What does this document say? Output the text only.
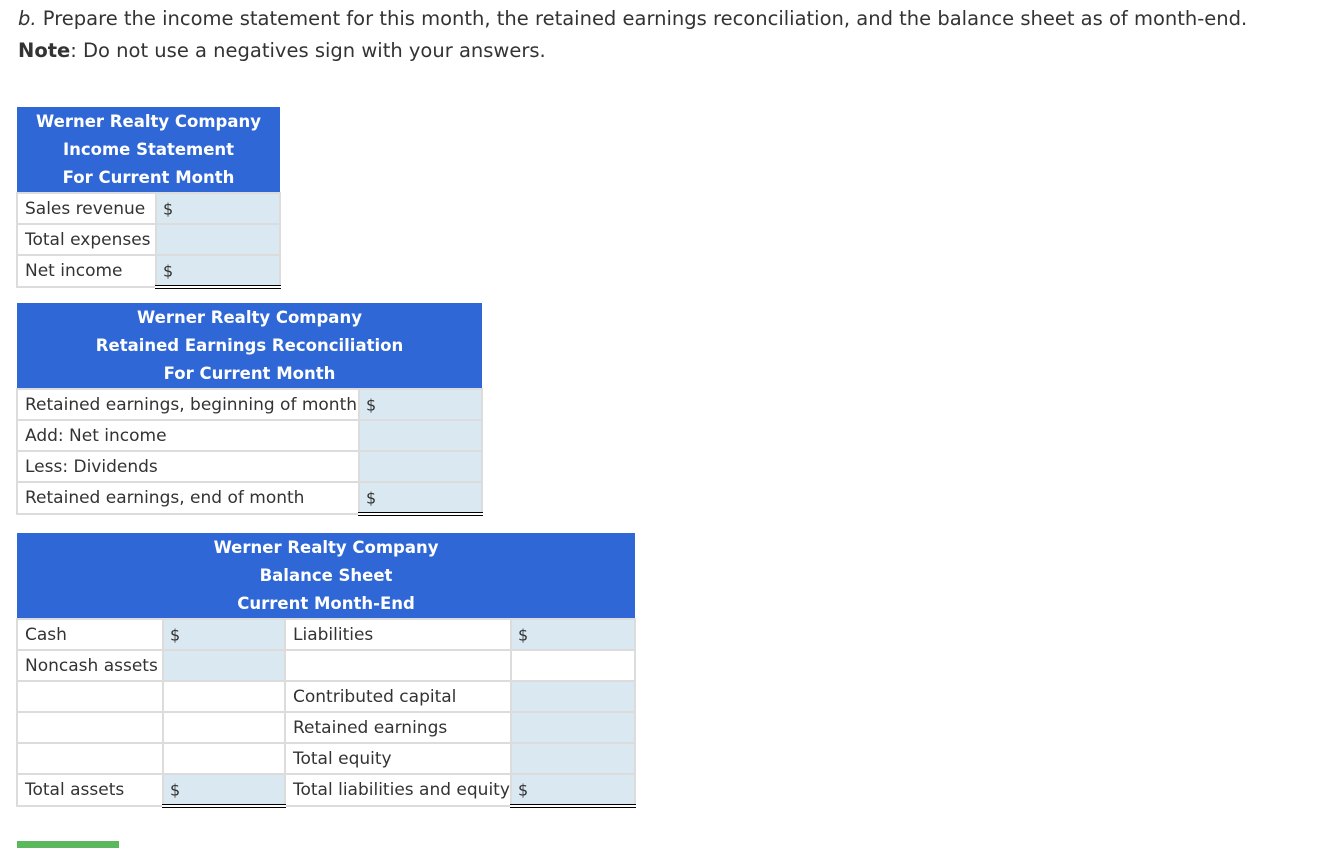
b. Prepare the income statement for this month, the retained earnings reconciliation, and the balance sheet as of month-end.
Note: Do not use a negatives sign with your answers.
Werner Realty Company
Income Statement
For Current Month	

Sales revenue	$

Total expenses	
Net income	$
Werner Realty Company
Retained Earnings Reconciliation
For Current Month	

Retained earnings, beginning of month	$

Add: Net income	
Less: Dividends	
Retained earnings, end of month	$
Werner Realty Company
Balance Sheet
Current Month-End			

Cash	$	Liabilities	$

Noncash assets			
		Contributed capital	
		Retained earnings	
		Total equity	
Total assets	$	Total liabilities and equity	$
